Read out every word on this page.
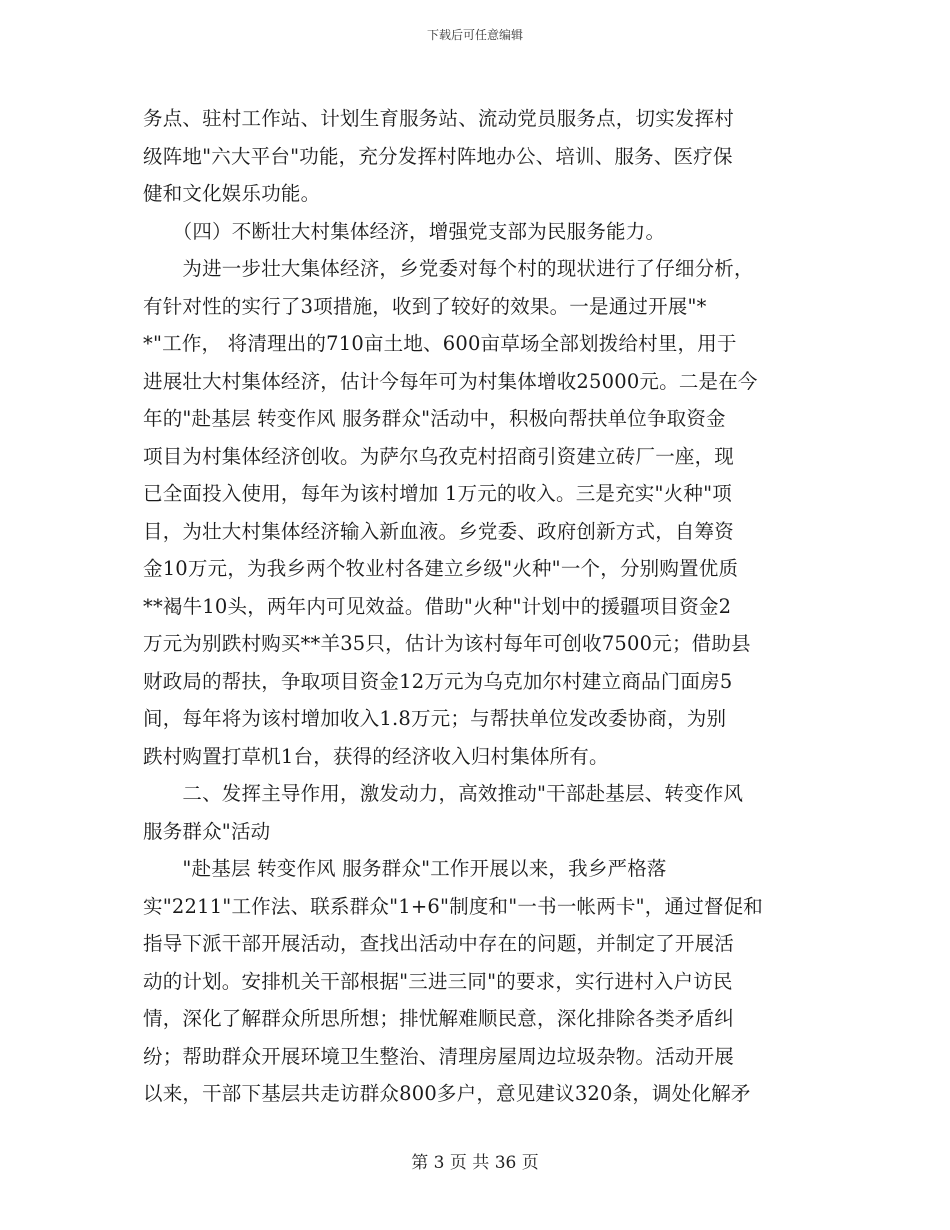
下载后可任意编辑
务点、驻村工作站、计划生育服务站、流动党员服务点，切实发挥村
级阵地"六大平台"功能，充分发挥村阵地办公、培训、服务、医疗保
健和文化娱乐功能。
　　（四）不断壮大村集体经济，增强党支部为民服务能力。
　　为进一步壮大集体经济，乡党委对每个村的现状进行了仔细分析，
有针对性的实行了3项措施，收到了较好的效果。一是通过开展"*
*"工作， 将清理出的710亩土地、600亩草场全部划拨给村里，用于
进展壮大村集体经济，估计今每年可为村集体增收25000元。二是在今
年的"赴基层 转变作风 服务群众"活动中，积极向帮扶单位争取资金
项目为村集体经济创收。为萨尔乌孜克村招商引资建立砖厂一座，现
已全面投入使用，每年为该村增加 1万元的收入。三是充实"火种"项
目，为壮大村集体经济输入新血液。乡党委、政府创新方式，自筹资
金10万元，为我乡两个牧业村各建立乡级"火种"一个，分别购置优质
**褐牛10头，两年内可见效益。借助"火种"计划中的援疆项目资金2
万元为别跌村购买**羊35只，估计为该村每年可创收7500元；借助县
财政局的帮扶，争取项目资金12万元为乌克加尔村建立商品门面房5
间，每年将为该村增加收入1.8万元；与帮扶单位发改委协商，为别
跌村购置打草机1台，获得的经济收入归村集体所有。
　　二、发挥主导作用，激发动力，高效推动"干部赴基层、转变作风
服务群众"活动
　　"赴基层 转变作风 服务群众"工作开展以来，我乡严格落
实"2211"工作法、联系群众"1+6"制度和"一书一帐两卡"，通过督促和
指导下派干部开展活动，查找出活动中存在的问题，并制定了开展活
动的计划。安排机关干部根据"三进三同"的要求，实行进村入户访民
情，深化了解群众所思所想；排忧解难顺民意，深化排除各类矛盾纠
纷；帮助群众开展环境卫生整治、清理房屋周边垃圾杂物。活动开展
以来，干部下基层共走访群众800多户，意见建议320条，调处化解矛
第 3 页 共 36 页
